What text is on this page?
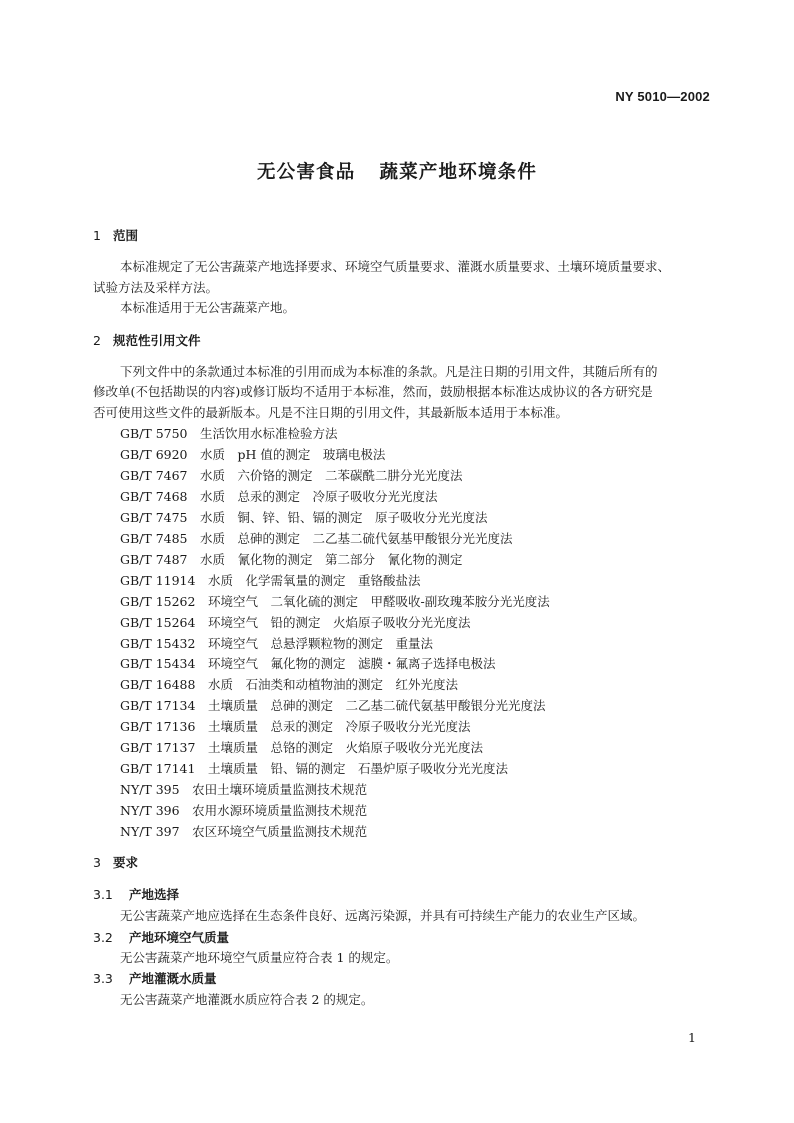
NY 5010—2002
无公害食品 蔬菜产地环境条件
1 范围
本标准规定了无公害蔬菜产地选择要求、环境空气质量要求、灌溉水质量要求、土壤环境质量要求、
试验方法及采样方法。
本标准适用于无公害蔬菜产地。
2 规范性引用文件
下列文件中的条款通过本标准的引用而成为本标准的条款。凡是注日期的引用文件，其随后所有的
修改单(不包括勘误的内容)或修订版均不适用于本标准，然而，鼓励根据本标准达成协议的各方研究是
否可使用这些文件的最新版本。凡是不注日期的引用文件，其最新版本适用于本标准。
GB/T 5750  生活饮用水标准检验方法
GB/T 6920  水质　pH 值的测定　玻璃电极法
GB/T 7467  水质　六价铬的测定　二苯碳酰二肼分光光度法
GB/T 7468  水质　总汞的测定　冷原子吸收分光光度法
GB/T 7475  水质　铜、锌、铅、镉的测定　原子吸收分光光度法
GB/T 7485  水质　总砷的测定　二乙基二硫代氨基甲酸银分光光度法
GB/T 7487  水质　氰化物的测定　第二部分　氰化物的测定
GB/T 11914  水质　化学需氧量的测定　重铬酸盐法
GB/T 15262  环境空气　二氧化硫的测定　甲醛吸收-副玫瑰苯胺分光光度法
GB/T 15264  环境空气　铅的测定　火焰原子吸收分光光度法
GB/T 15432  环境空气　总悬浮颗粒物的测定　重量法
GB/T 15434  环境空气　氟化物的测定　滤膜・氟离子选择电极法
GB/T 16488  水质　石油类和动植物油的测定　红外光度法
GB/T 17134  土壤质量　总砷的测定　二乙基二硫代氨基甲酸银分光光度法
GB/T 17136  土壤质量　总汞的测定　冷原子吸收分光光度法
GB/T 17137  土壤质量　总铬的测定　火焰原子吸收分光光度法
GB/T 17141  土壤质量　铅、镉的测定　石墨炉原子吸收分光光度法
NY/T 395  农田土壤环境质量监测技术规范
NY/T 396  农用水源环境质量监测技术规范
NY/T 397  农区环境空气质量监测技术规范
3 要求
3.1 产地选择
无公害蔬菜产地应选择在生态条件良好、远离污染源，并具有可持续生产能力的农业生产区域。
3.2 产地环境空气质量
无公害蔬菜产地环境空气质量应符合表 1 的规定。
3.3 产地灌溉水质量
无公害蔬菜产地灌溉水质应符合表 2 的规定。
1
